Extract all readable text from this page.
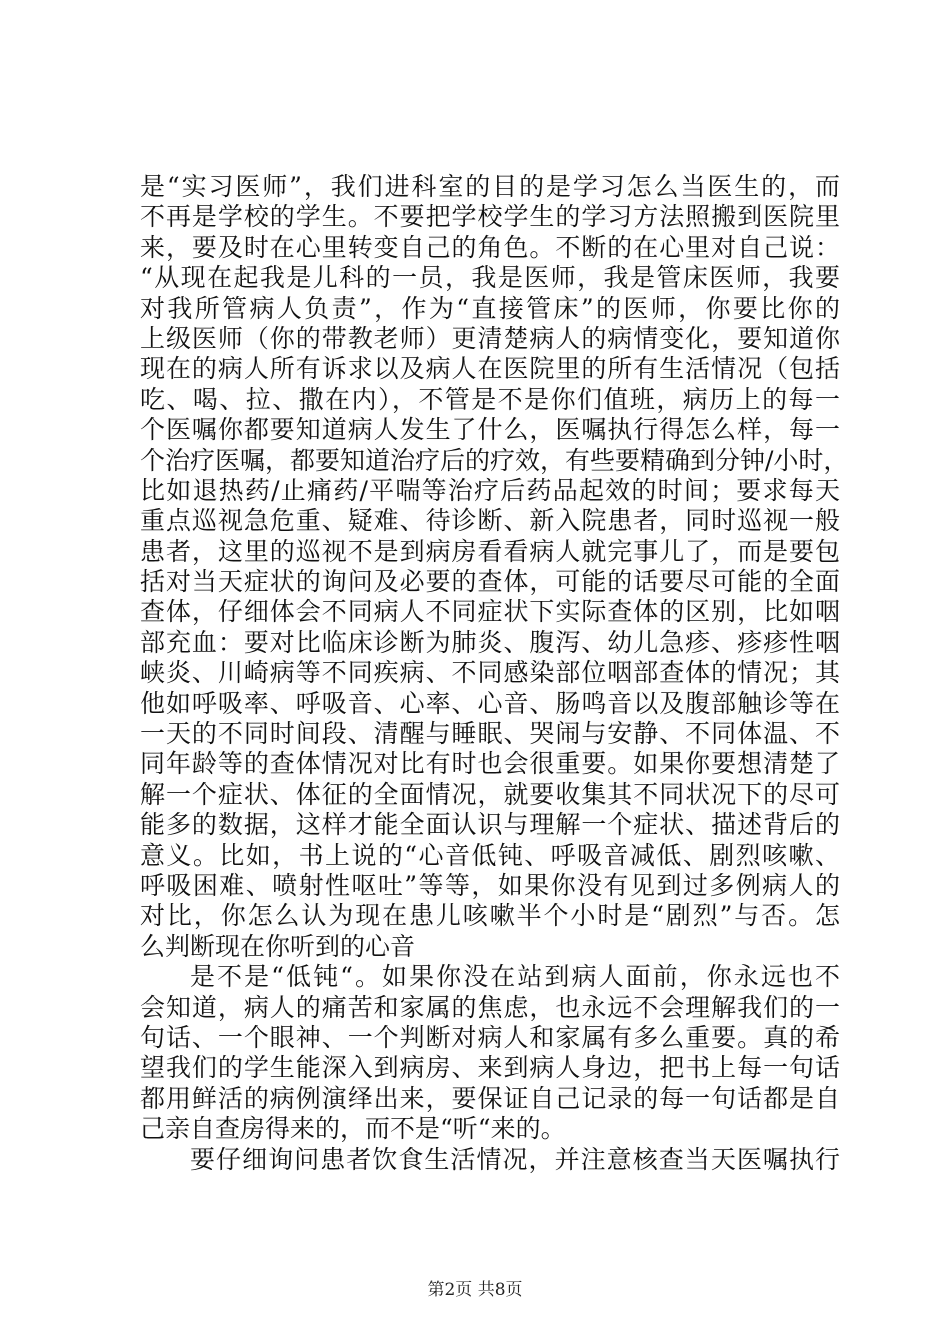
是“实习医师”，我们进科室的目的是学习怎么当医生的，而
不再是学校的学生。不要把学校学生的学习方法照搬到医院里
来，要及时在心里转变自己的角色。不断的在心里对自己说：
“从现在起我是儿科的一员，我是医师，我是管床医师，我要
对我所管病人负责”，作为“直接管床”的医师，你要比你的
上级医师（你的带教老师）更清楚病人的病情变化，要知道你
现在的病人所有诉求以及病人在医院里的所有生活情况（包括
吃、喝、拉、撒在内），不管是不是你们值班，病历上的每一
个医嘱你都要知道病人发生了什么，医嘱执行得怎么样，每一
个治疗医嘱，都要知道治疗后的疗效，有些要精确到分钟/小时，
比如退热药/止痛药/平喘等治疗后药品起效的时间；要求每天
重点巡视急危重、疑难、待诊断、新入院患者，同时巡视一般
患者，这里的巡视不是到病房看看病人就完事儿了，而是要包
括对当天症状的询问及必要的查体，可能的话要尽可能的全面
查体，仔细体会不同病人不同症状下实际查体的区别，比如咽
部充血：要对比临床诊断为肺炎、腹泻、幼儿急疹、疹疹性咽
峡炎、川崎病等不同疾病、不同感染部位咽部查体的情况；其
他如呼吸率、呼吸音、心率、心音、肠鸣音以及腹部触诊等在
一天的不同时间段、清醒与睡眠、哭闹与安静、不同体温、不
同年龄等的查体情况对比有时也会很重要。如果你要想清楚了
解一个症状、体征的全面情况，就要收集其不同状况下的尽可
能多的数据，这样才能全面认识与理解一个症状、描述背后的
意义。比如，书上说的“心音低钝、呼吸音减低、剧烈咳嗽、
呼吸困难、喷射性呕吐”等等，如果你没有见到过多例病人的
对比，你怎么认为现在患儿咳嗽半个小时是“剧烈”与否。怎
么判断现在你听到的心音
是不是“低钝“。如果你没在站到病人面前，你永远也不
会知道，病人的痛苦和家属的焦虑，也永远不会理解我们的一
句话、一个眼神、一个判断对病人和家属有多么重要。真的希
望我们的学生能深入到病房、来到病人身边，把书上每一句话
都用鲜活的病例演绎出来，要保证自己记录的每一句话都是自
己亲自查房得来的，而不是“听“来的。
要仔细询问患者饮食生活情况，并注意核查当天医嘱执行
第2页 共8页
